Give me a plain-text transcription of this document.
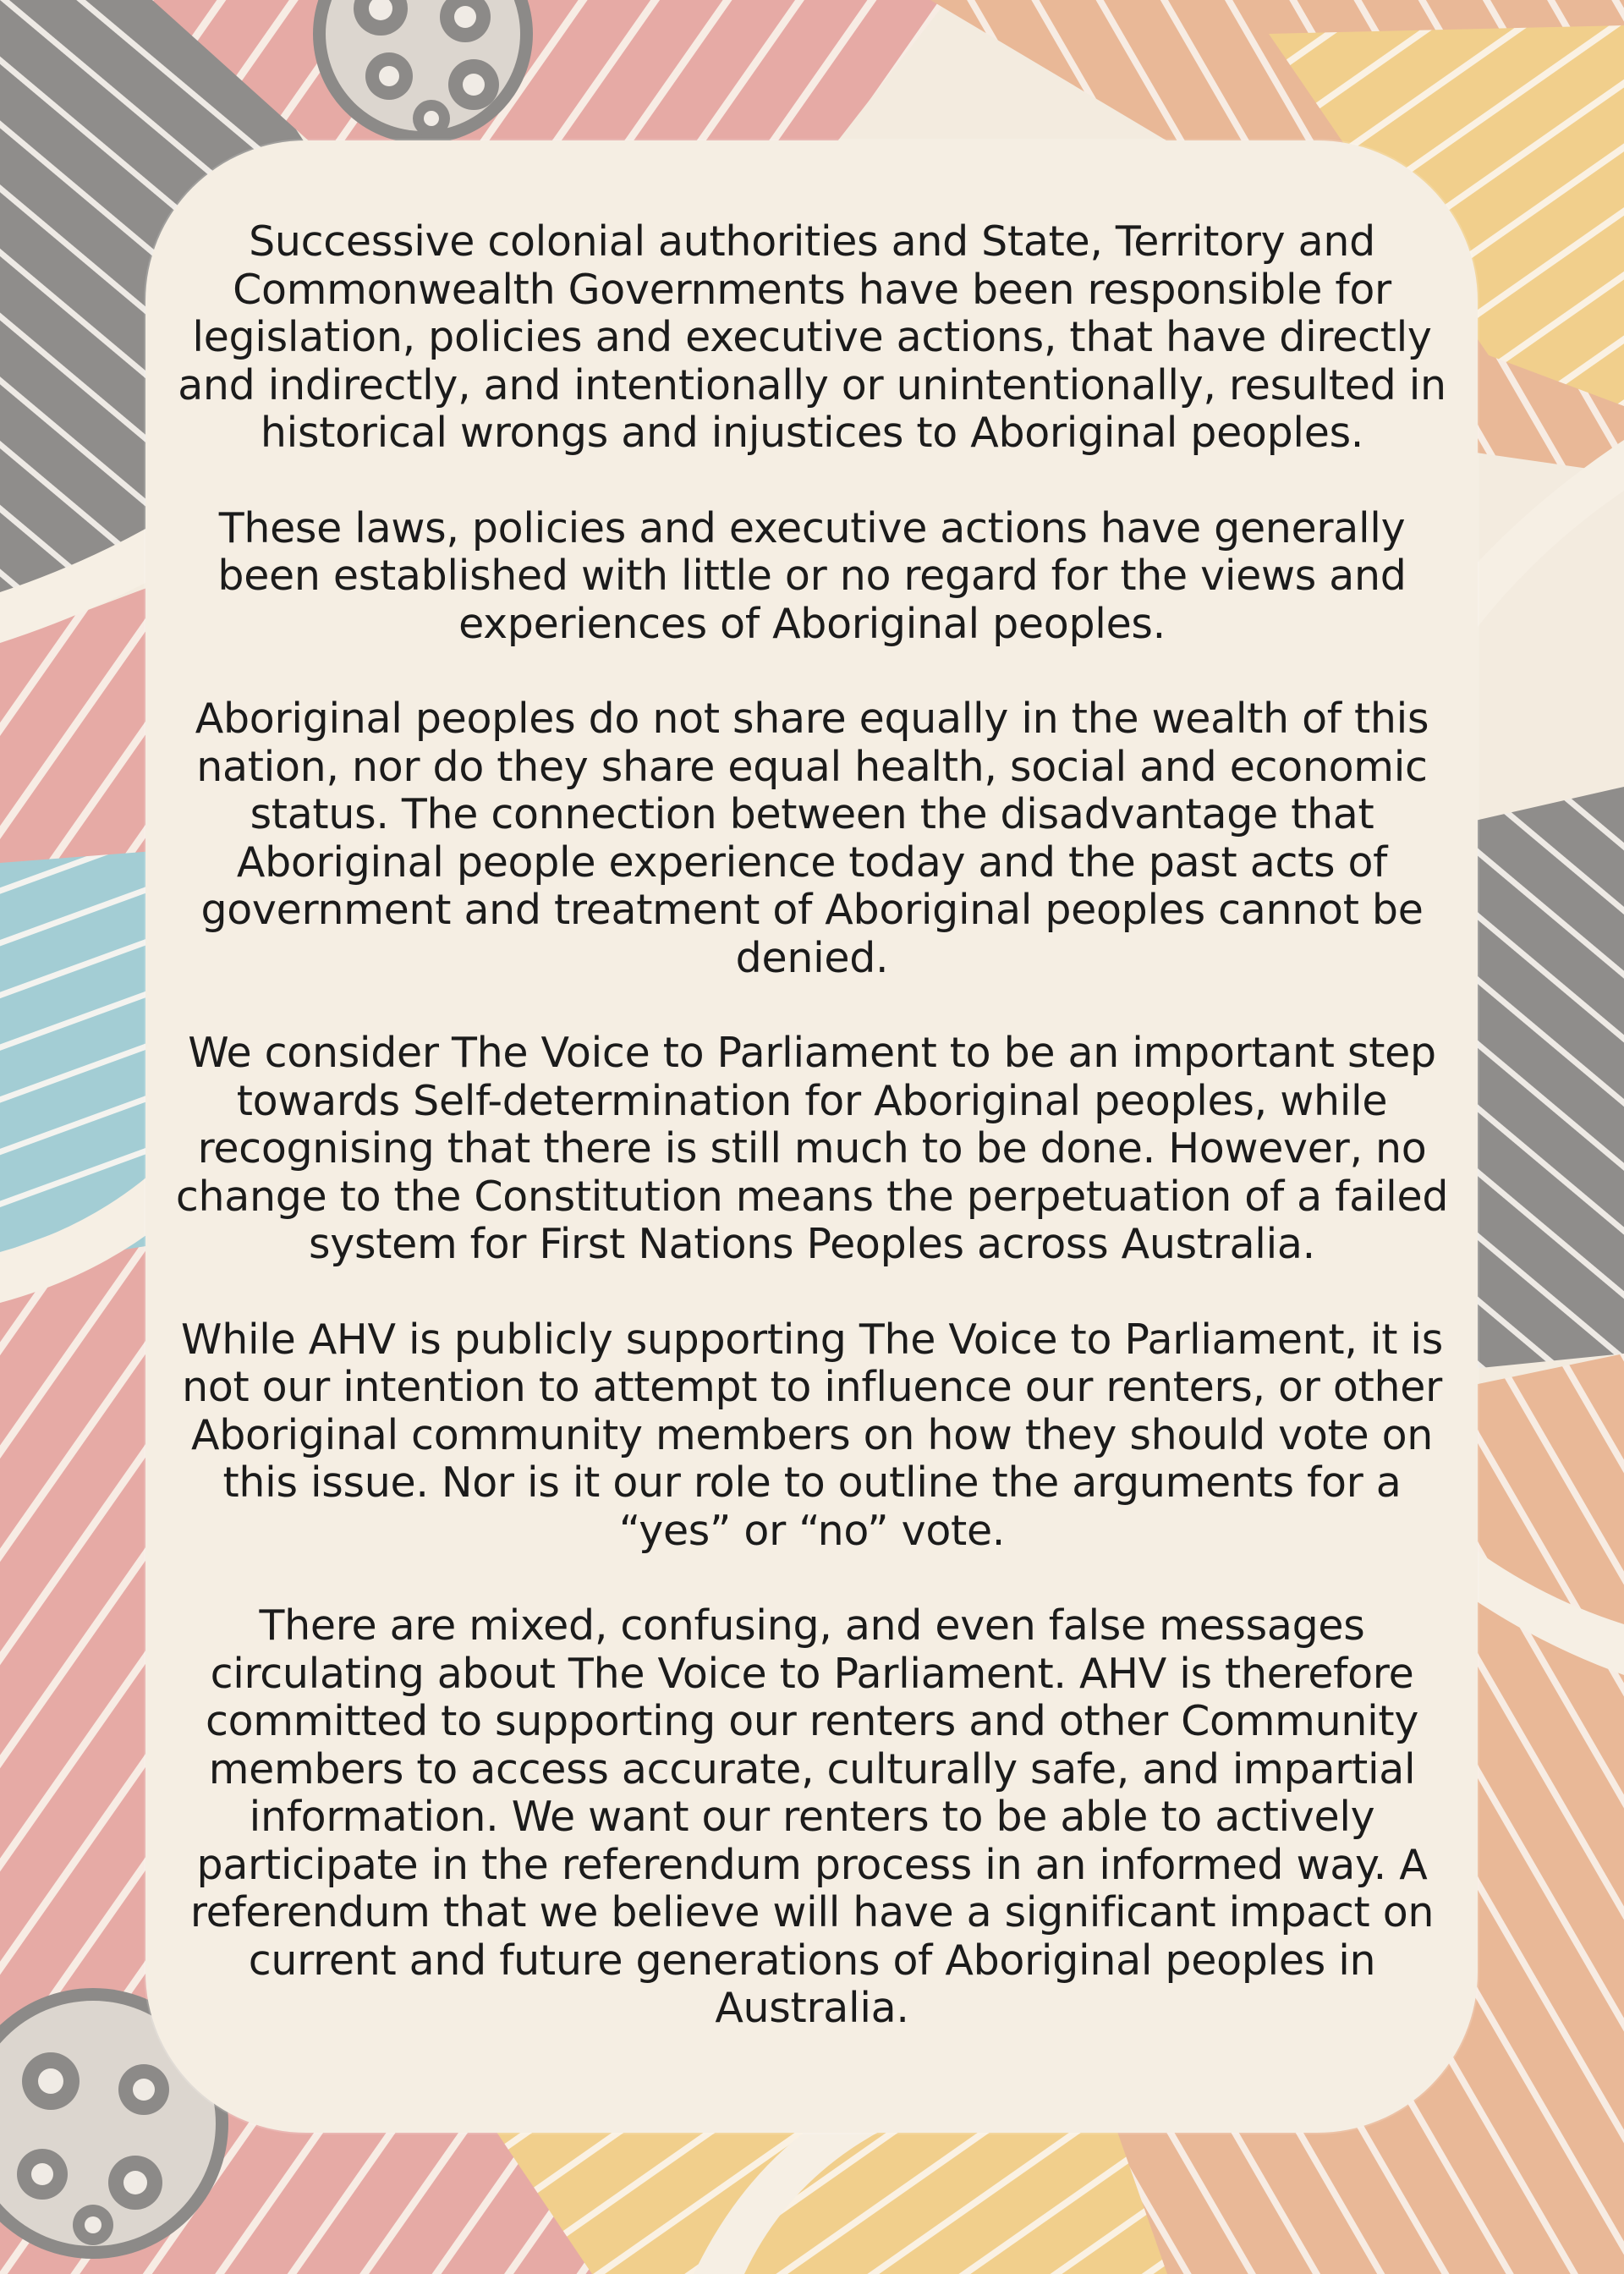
Successive colonial authorities and State, Territory and Commonwealth Governments have been responsible for legislation, policies and executive actions, that have directly and indirectly, and intentionally or unintentionally, resulted in historical wrongs and injustices to Aboriginal peoples.

These laws, policies and executive actions have generally been established with little or no regard for the views and experiences of Aboriginal peoples.

Aboriginal peoples do not share equally in the wealth of this nation, nor do they share equal health, social and economic status. The connection between the disadvantage that Aboriginal people experience today and the past acts of government and treatment of Aboriginal peoples cannot be denied.

We consider The Voice to Parliament to be an important step towards Self-determination for Aboriginal peoples, while recognising that there is still much to be done. However, no change to the Constitution means the perpetuation of a failed system for First Nations Peoples across Australia.

While AHV is publicly supporting The Voice to Parliament, it is not our intention to attempt to influence our renters, or other Aboriginal community members on how they should vote on this issue. Nor is it our role to outline the arguments for a “yes” or “no” vote.

There are mixed, confusing, and even false messages circulating about The Voice to Parliament. AHV is therefore committed to supporting our renters and other Community members to access accurate, culturally safe, and impartial information. We want our renters to be able to actively participate in the referendum process in an informed way. A referendum that we believe will have a significant impact on current and future generations of Aboriginal peoples in Australia.
